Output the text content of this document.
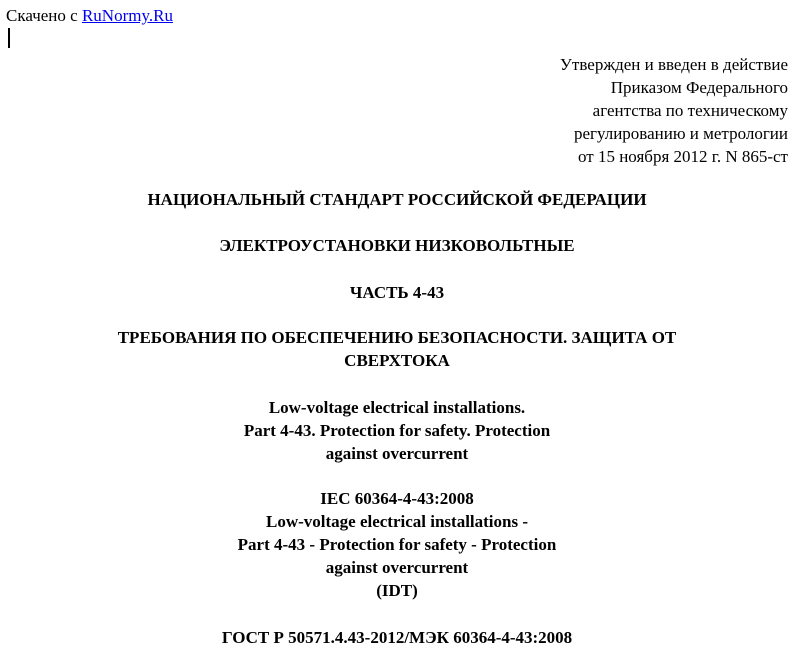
Скачено с RuNormy.Ru
Утвержден и введен в действие
Приказом Федерального
агентства по техническому
регулированию и метрологии
от 15 ноября 2012 г. N 865-ст
НАЦИОНАЛЬНЫЙ СТАНДАРТ РОССИЙСКОЙ ФЕДЕРАЦИИ
ЭЛЕКТРОУСТАНОВКИ НИЗКОВОЛЬТНЫЕ
ЧАСТЬ 4-43
ТРЕБОВАНИЯ ПО ОБЕСПЕЧЕНИЮ БЕЗОПАСНОСТИ. ЗАЩИТА ОТ
СВЕРХТОКА
Low-voltage electrical installations.
Part 4-43. Protection for safety. Protection
against overcurrent
IEC 60364-4-43:2008
Low-voltage electrical installations -
Part 4-43 - Protection for safety - Protection
against overcurrent
(IDT)
ГОСТ Р 50571.4.43-2012/МЭК 60364-4-43:2008
